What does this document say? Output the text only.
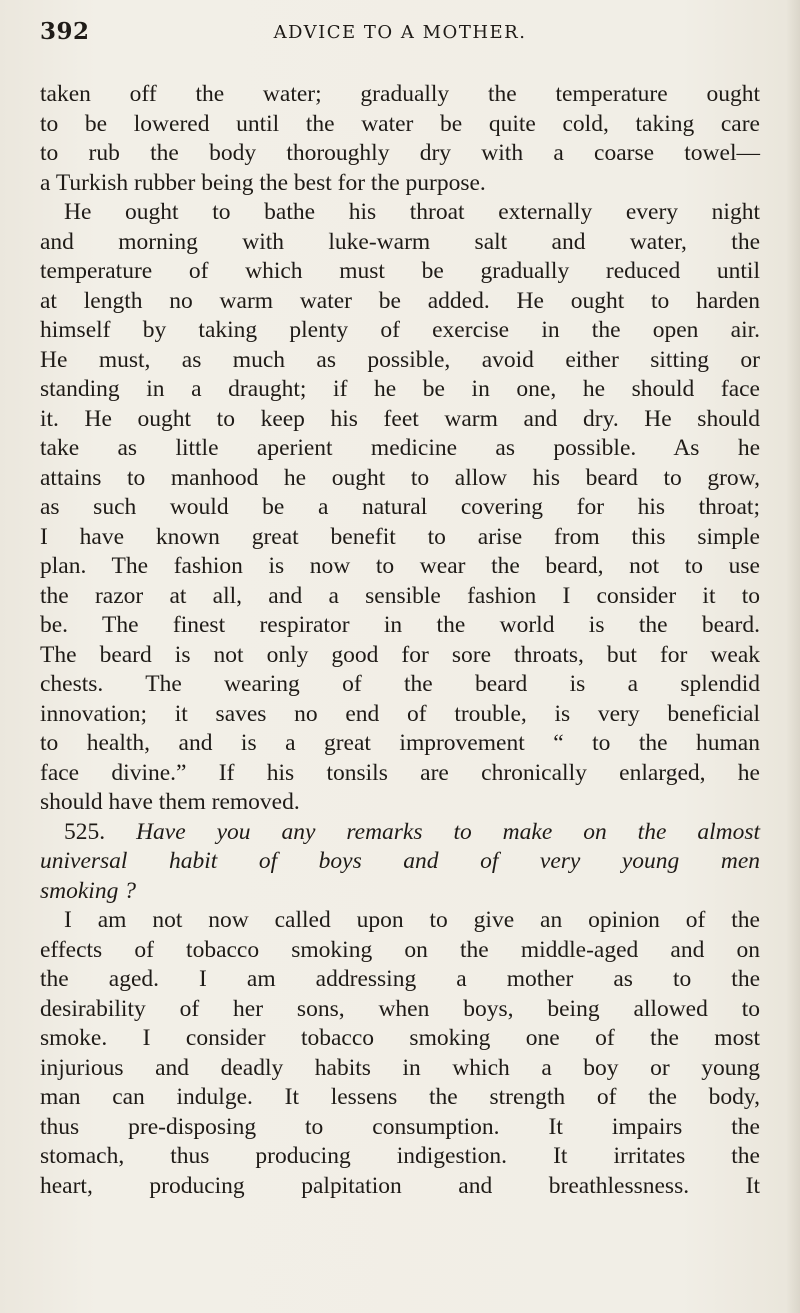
392	ADVICE TO A MOTHER.
taken off the water; gradually the temperature ought
to be lowered until the water be quite cold, taking care
to rub the body thoroughly dry with a coarse towel—
a Turkish rubber being the best for the purpose.
He ought to bathe his throat externally every night
and morning with luke-warm salt and water, the
temperature of which must be gradually reduced until
at length no warm water be added. He ought to harden
himself by taking plenty of exercise in the open air.
He must, as much as possible, avoid either sitting or
standing in a draught; if he be in one, he should face
it. He ought to keep his feet warm and dry. He should
take as little aperient medicine as possible. As he
attains to manhood he ought to allow his beard to grow,
as such would be a natural covering for his throat;
I have known great benefit to arise from this simple
plan. The fashion is now to wear the beard, not to use
the razor at all, and a sensible fashion I consider it to
be. The finest respirator in the world is the beard.
The beard is not only good for sore throats, but for weak
chests. The wearing of the beard is a splendid
innovation; it saves no end of trouble, is very beneficial
to health, and is a great improvement “ to the human
face divine.” If his tonsils are chronically enlarged, he
should have them removed.
525. Have you any remarks to make on the almost
universal habit of boys and of very young men
smoking ?
I am not now called upon to give an opinion of the
effects of tobacco smoking on the middle-aged and on
the aged. I am addressing a mother as to the
desirability of her sons, when boys, being allowed to
smoke. I consider tobacco smoking one of the most
injurious and deadly habits in which a boy or young
man can indulge. It lessens the strength of the body,
thus pre-disposing to consumption. It impairs the
stomach, thus producing indigestion. It irritates the
heart, producing palpitation and breathlessness. It
